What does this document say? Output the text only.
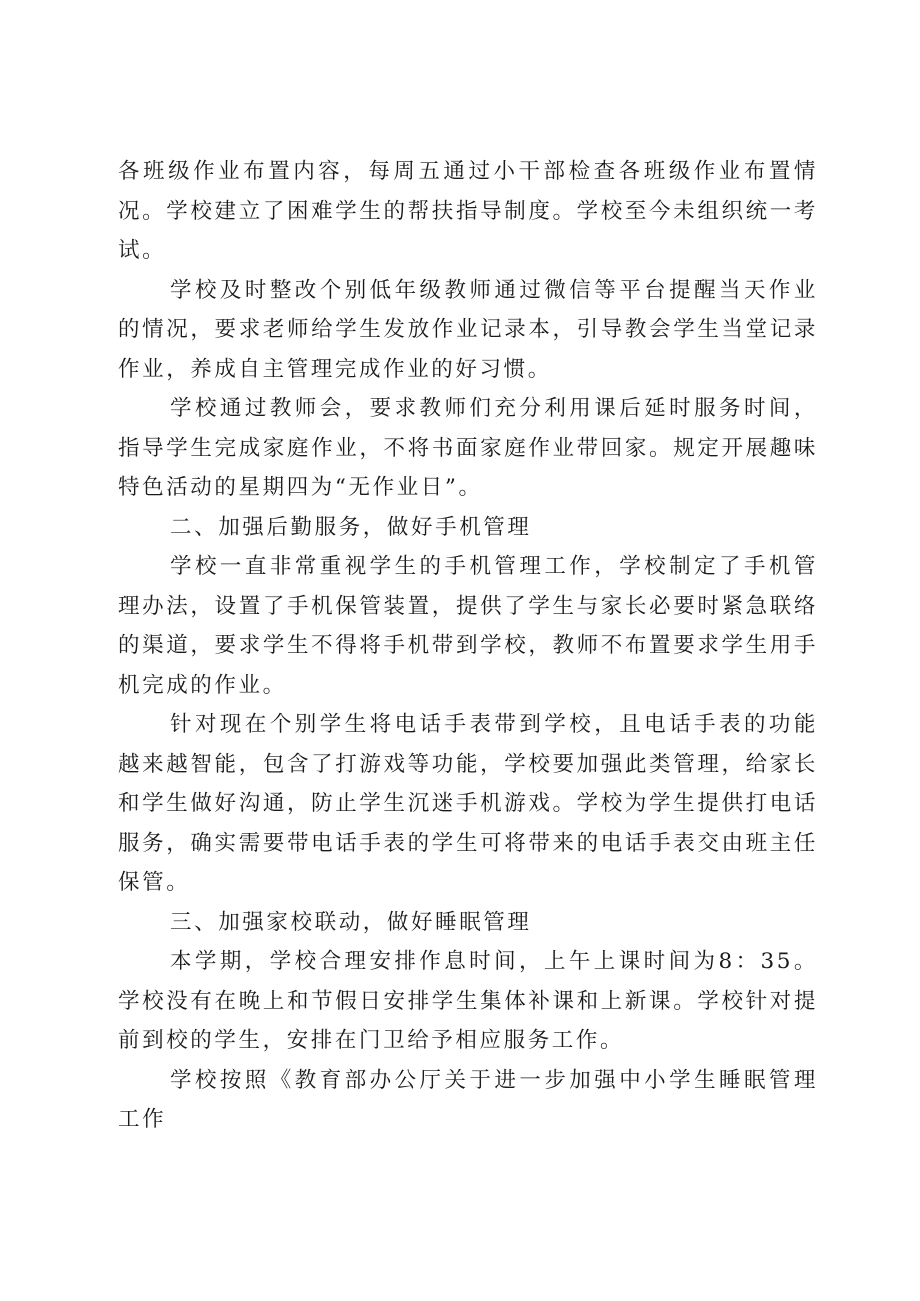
各班级作业布置内容，每周五通过小干部检查各班级作业布置情况。学校建立了困难学生的帮扶指导制度。学校至今未组织统一考试。

学校及时整改个别低年级教师通过微信等平台提醒当天作业的情况，要求老师给学生发放作业记录本，引导教会学生当堂记录作业，养成自主管理完成作业的好习惯。

学校通过教师会，要求教师们充分利用课后延时服务时间，指导学生完成家庭作业，不将书面家庭作业带回家。规定开展趣味特色活动的星期四为“无作业日”。

二、加强后勤服务，做好手机管理

学校一直非常重视学生的手机管理工作，学校制定了手机管理办法，设置了手机保管装置，提供了学生与家长必要时紧急联络的渠道，要求学生不得将手机带到学校，教师不布置要求学生用手机完成的作业。

针对现在个别学生将电话手表带到学校，且电话手表的功能越来越智能，包含了打游戏等功能，学校要加强此类管理，给家长和学生做好沟通，防止学生沉迷手机游戏。学校为学生提供打电话服务，确实需要带电话手表的学生可将带来的电话手表交由班主任保管。

三、加强家校联动，做好睡眠管理

本学期，学校合理安排作息时间，上午上课时间为8：35。学校没有在晚上和节假日安排学生集体补课和上新课。学校针对提前到校的学生，安排在门卫给予相应服务工作。

学校按照《教育部办公厅关于进一步加强中小学生睡眠管理工作
